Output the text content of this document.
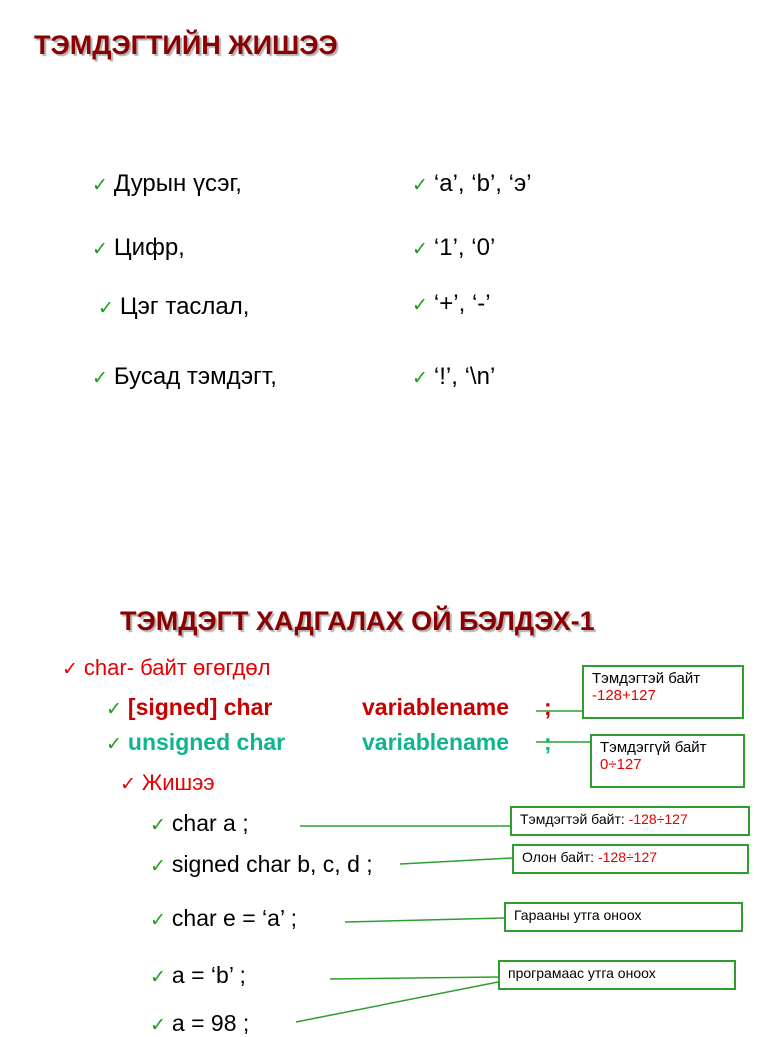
ТЭМДЭГТИЙН ЖИШЭЭ
✓ Дурын үсэг,
✓ Цифр,
✓ Цэг таслал,
✓ Бусад тэмдэгт,
✓ ‘a’, ‘b’, ‘э’
✓ ‘1’, ‘0’
✓ ‘+’, ‘-’
✓ ‘!’, ‘\n’
ТЭМДЭГТ ХАДГАЛАХ ОЙ БЭЛДЭХ-1
✓ char- байт өгөгдөл
✓ [signed] char	variablename ;
✓ unsigned char	variablename ;
✓ Жишээ
✓ char a ;
✓ signed char b, c, d ;
✓ char e = ‘a’ ;
✓ a = ‘b’ ;
✓ a = 98 ;
Тэмдэгтэй байт
-128+127
Тэмдэггүй байт
0÷127
Тэмдэгтэй байт: -128÷127
Олон байт: -128÷127
Гарааны утга оноох
програмаас утга оноох
